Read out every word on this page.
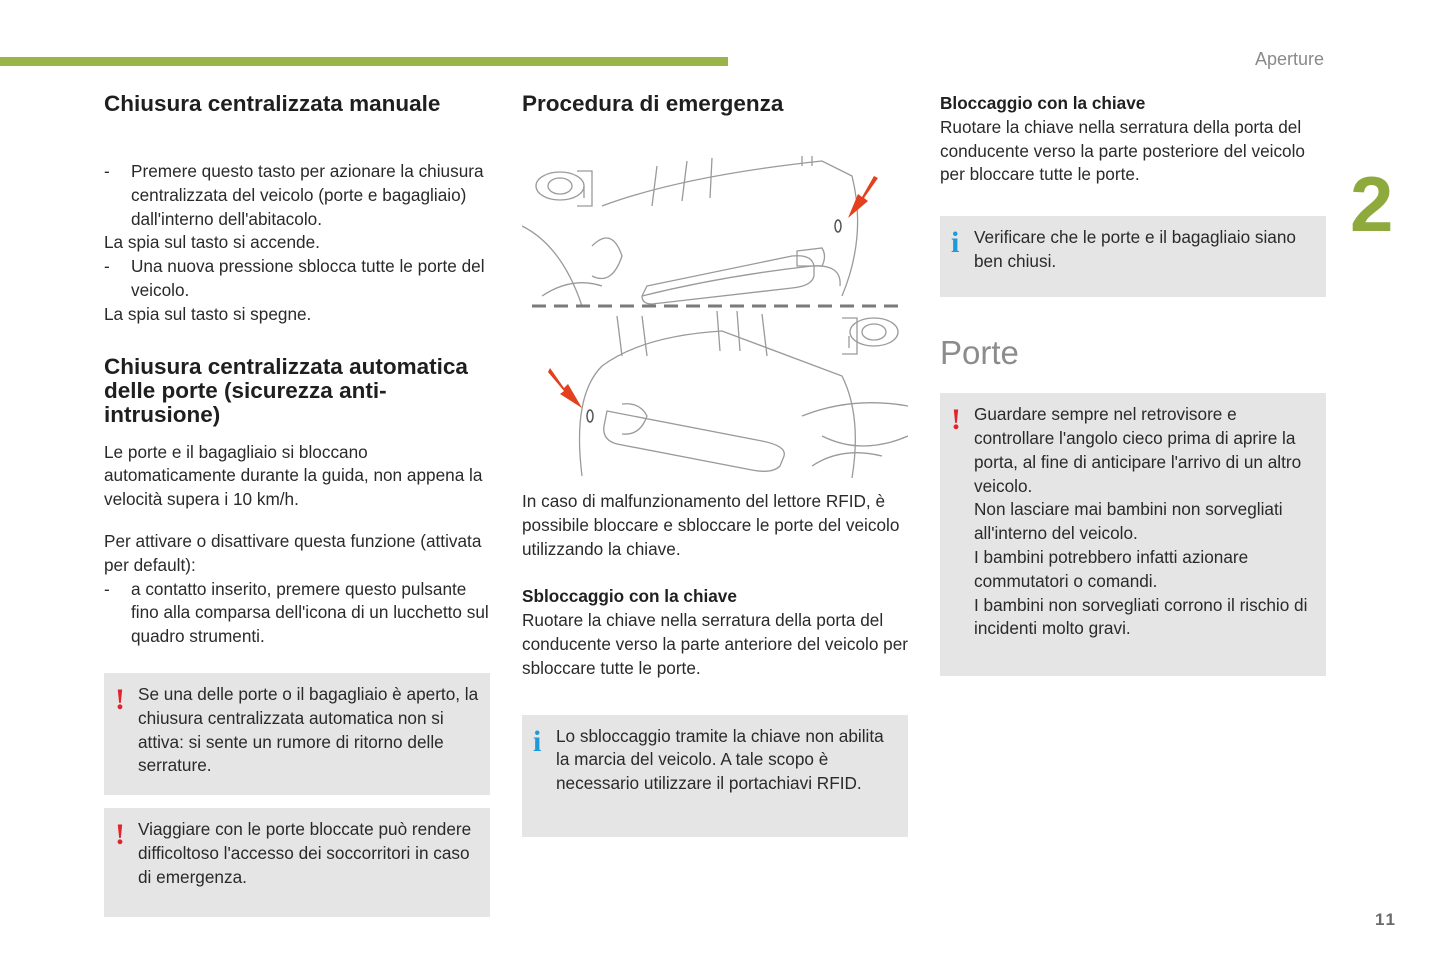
Aperture
2
11
Chiusura centralizzata manuale

- Premere questo tasto per azionare la chiusura centralizzata del veicolo (porte e bagagliaio) dall'interno dell'abitacolo.

La spia sul tasto si accende.

- Una nuova pressione sblocca tutte le porte del veicolo.

La spia sul tasto si spegne.

Chiusura centralizzata automatica delle porte (sicurezza anti-intrusione)

Le porte e il bagagliaio si bloccano automaticamente durante la guida, non appena la velocità supera i 10 km/h.

Per attivare o disattivare questa funzione (attivata per default):

- a contatto inserito, premere questo pulsante fino alla comparsa dell'icona di un lucchetto sul quadro strumenti.

! Se una delle porte o il bagagliaio è aperto, la chiusura centralizzata automatica non si attiva: si sente un rumore di ritorno delle serrature.

! Viaggiare con le porte bloccate può rendere difficoltoso l'accesso dei soccorritori in caso di emergenza.

Procedura di emergenza

In caso di malfunzionamento del lettore RFID, è possibile bloccare e sbloccare le porte del veicolo utilizzando la chiave.

Sbloccaggio con la chiave

Ruotare la chiave nella serratura della porta del conducente verso la parte anteriore del veicolo per sbloccare tutte le porte.

i Lo sbloccaggio tramite la chiave non abilita la marcia del veicolo. A tale scopo è necessario utilizzare il portachiavi RFID.

Bloccaggio con la chiave

Ruotare la chiave nella serratura della porta del conducente verso la parte posteriore del veicolo per bloccare tutte le porte.

i Verificare che le porte e il bagagliaio siano ben chiusi.

Porte
! Guardare sempre nel retrovisore e controllare l'angolo cieco prima di aprire la porta, al fine di anticipare l'arrivo di un altro veicolo.

Non lasciare mai bambini non sorvegliati all'interno del veicolo.

I bambini potrebbero infatti azionare commutatori o comandi.

I bambini non sorvegliati corrono il rischio di incidenti molto gravi.
